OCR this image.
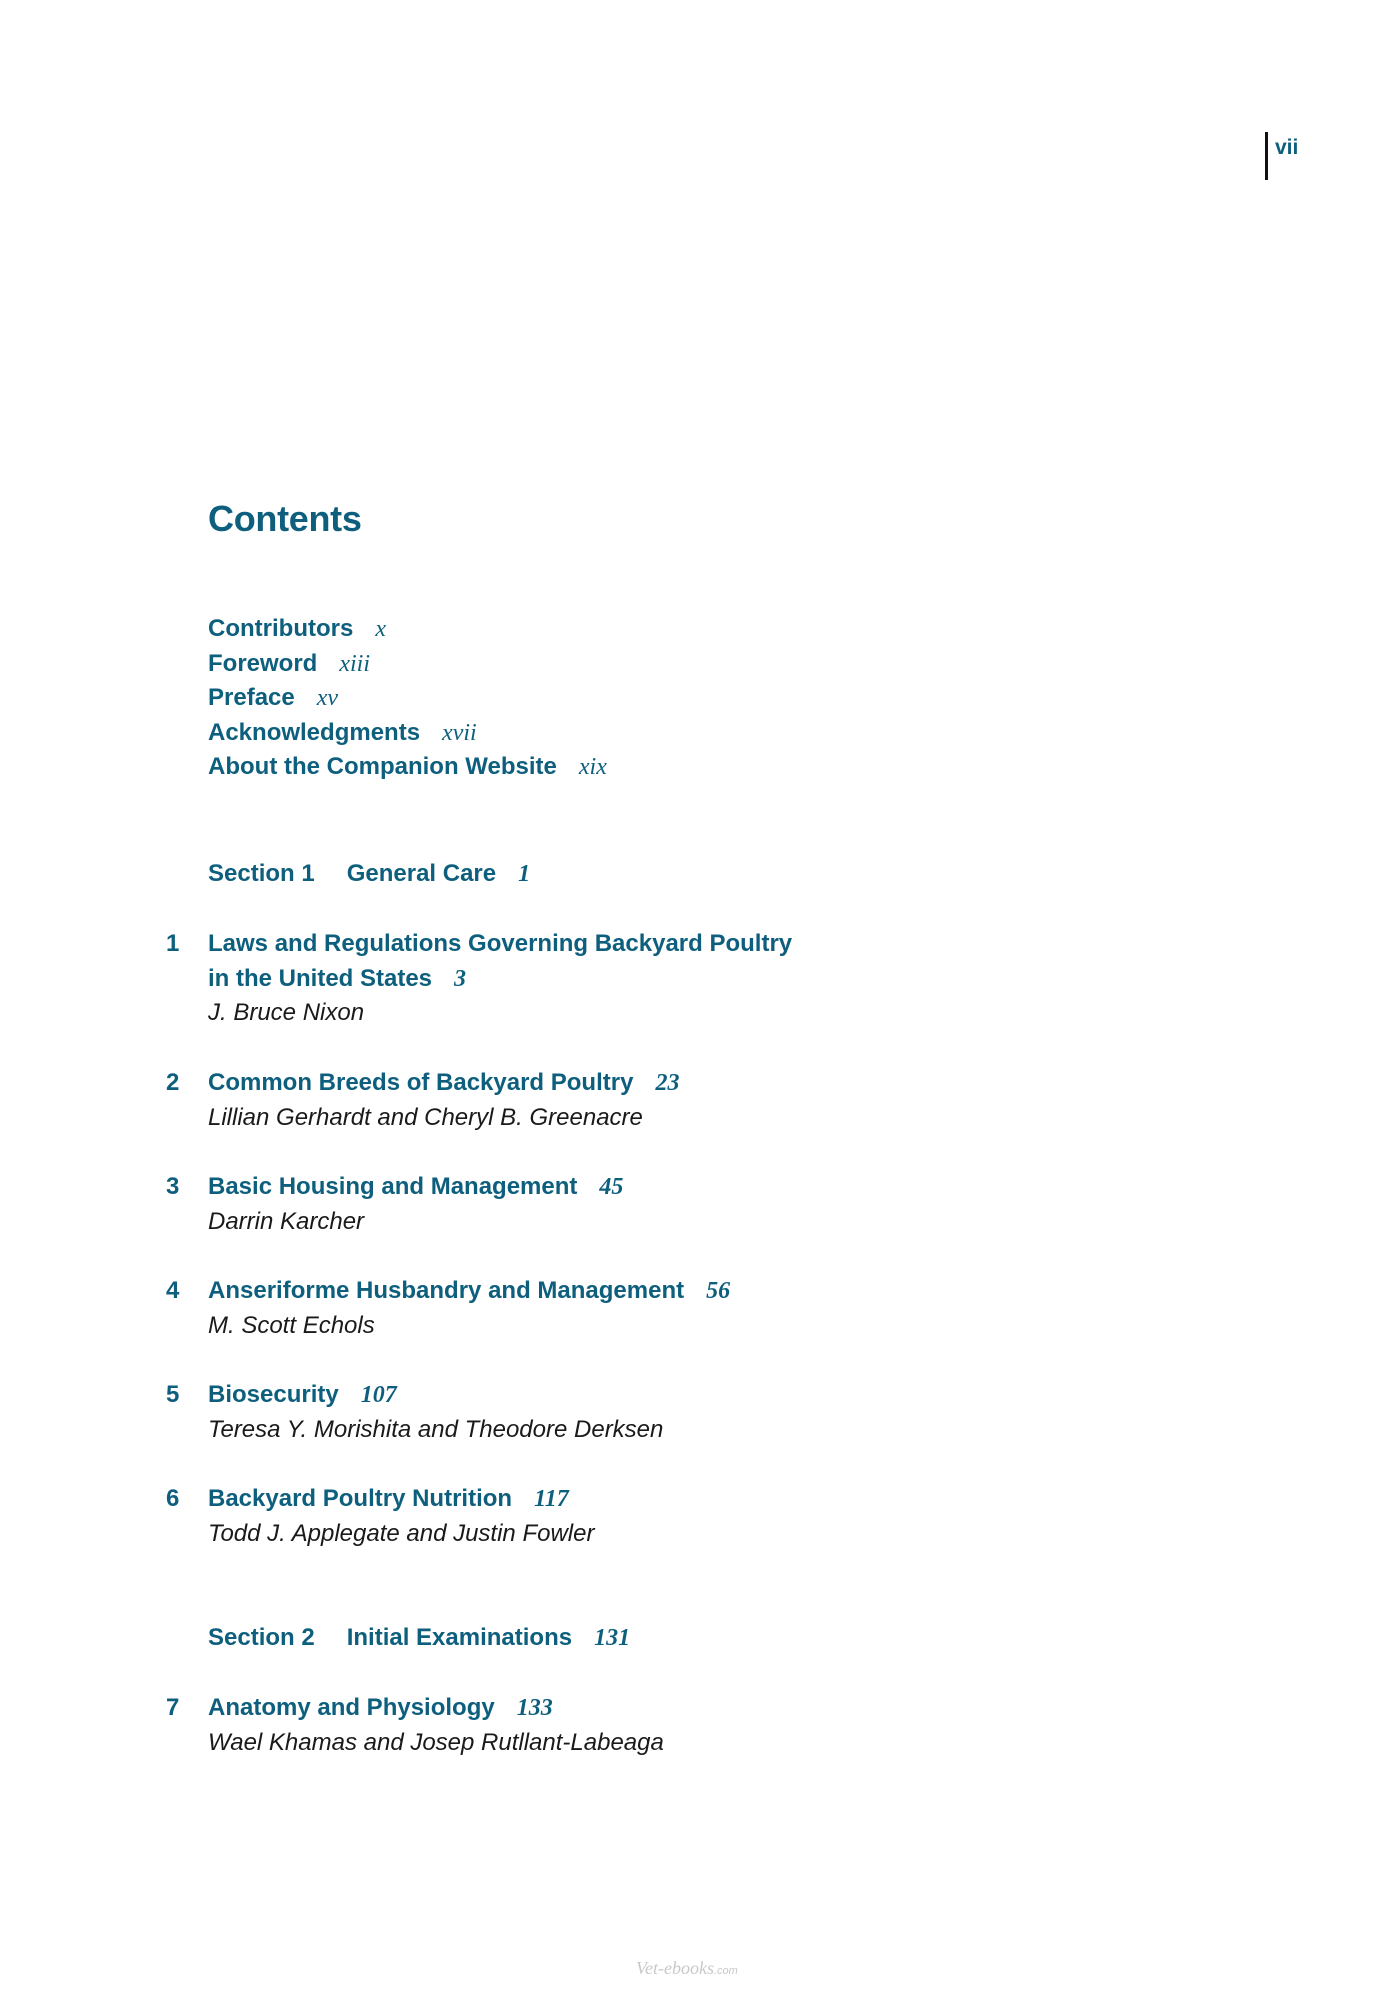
vii
Contents
Contributors x
Foreword xiii
Preface xv
Acknowledgments xvii
About the Companion Website xix
Section 1 General Care 1
1 Laws and Regulations Governing Backyard Poultry
in the United States 3
J. Bruce Nixon
2 Common Breeds of Backyard Poultry 23
Lillian Gerhardt and Cheryl B. Greenacre
3 Basic Housing and Management 45
Darrin Karcher
4 Anseriforme Husbandry and Management 56
M. Scott Echols
5 Biosecurity 107
Teresa Y. Morishita and Theodore Derksen
6 Backyard Poultry Nutrition 117
Todd J. Applegate and Justin Fowler
Section 2 Initial Examinations 131
7 Anatomy and Physiology 133
Wael Khamas and Josep Rutllant-Labeaga
Vet-ebooks.com
